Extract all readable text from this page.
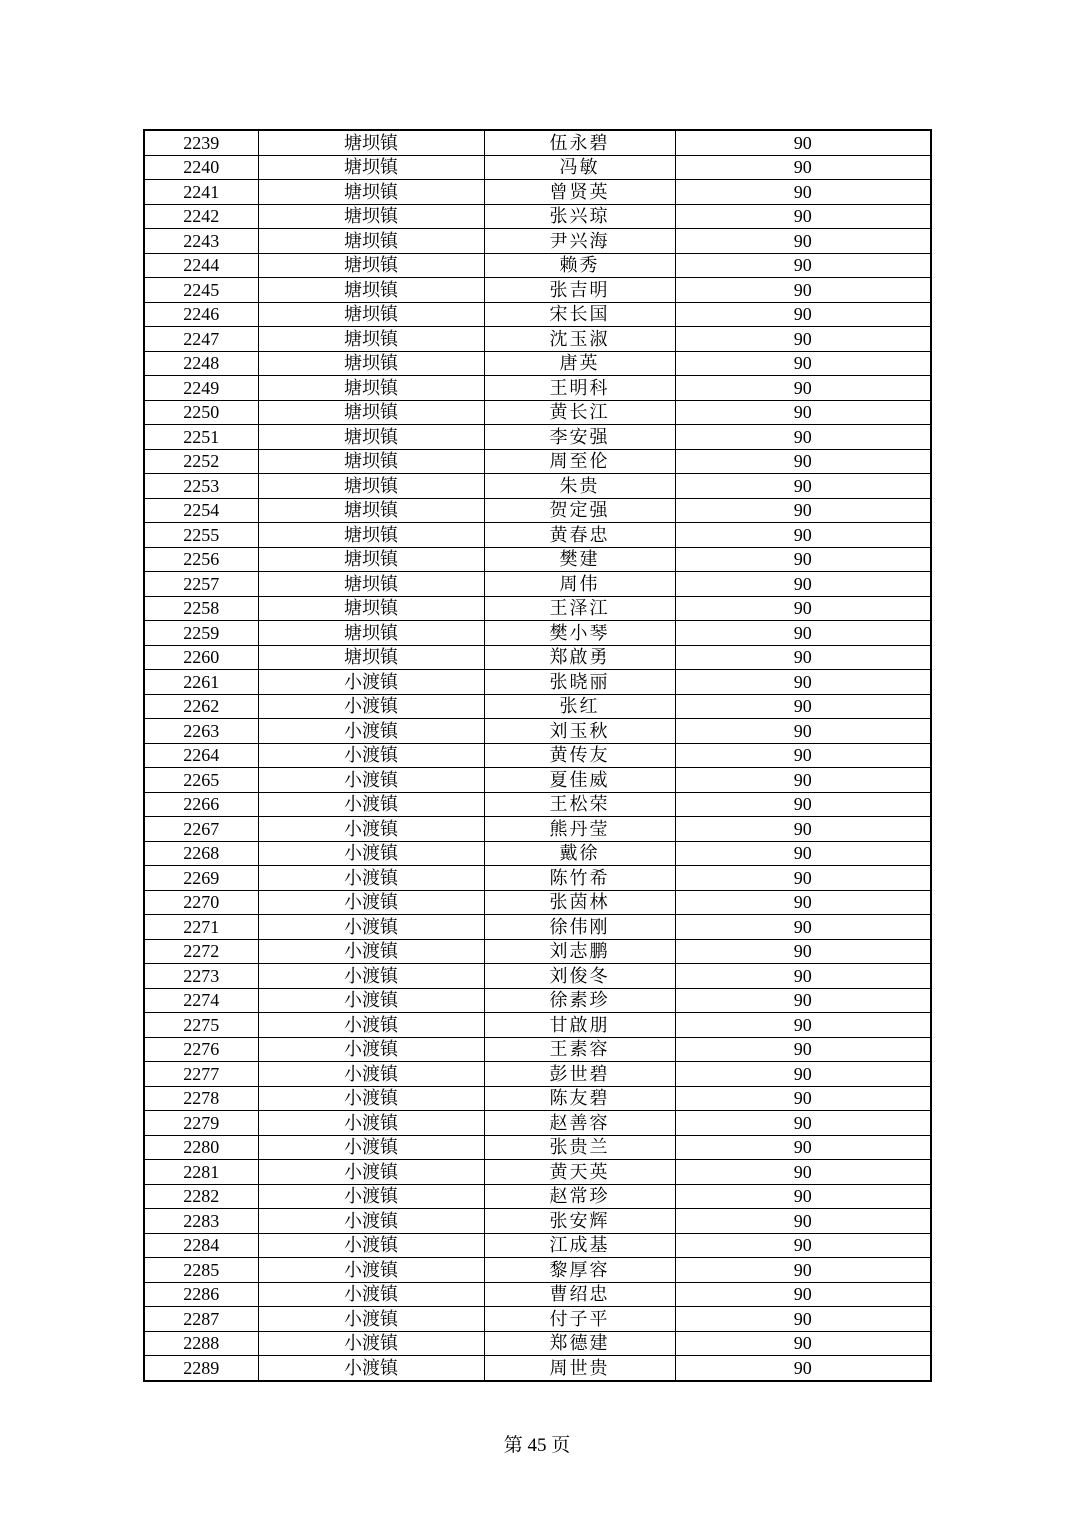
2239	塘坝镇	伍永碧	90
2240	塘坝镇	冯敏	90
2241	塘坝镇	曾贤英	90
2242	塘坝镇	张兴琼	90
2243	塘坝镇	尹兴海	90
2244	塘坝镇	赖秀	90
2245	塘坝镇	张吉明	90
2246	塘坝镇	宋长国	90
2247	塘坝镇	沈玉淑	90
2248	塘坝镇	唐英	90
2249	塘坝镇	王明科	90
2250	塘坝镇	黄长江	90
2251	塘坝镇	李安强	90
2252	塘坝镇	周至伦	90
2253	塘坝镇	朱贵	90
2254	塘坝镇	贺定强	90
2255	塘坝镇	黄春忠	90
2256	塘坝镇	樊建	90
2257	塘坝镇	周伟	90
2258	塘坝镇	王泽江	90
2259	塘坝镇	樊小琴	90
2260	塘坝镇	郑啟勇	90
2261	小渡镇	张晓丽	90
2262	小渡镇	张红	90
2263	小渡镇	刘玉秋	90
2264	小渡镇	黄传友	90
2265	小渡镇	夏佳威	90
2266	小渡镇	王松荣	90
2267	小渡镇	熊丹莹	90
2268	小渡镇	戴徐	90
2269	小渡镇	陈竹希	90
2270	小渡镇	张茵林	90
2271	小渡镇	徐伟刚	90
2272	小渡镇	刘志鹏	90
2273	小渡镇	刘俊冬	90
2274	小渡镇	徐素珍	90
2275	小渡镇	甘啟朋	90
2276	小渡镇	王素容	90
2277	小渡镇	彭世碧	90
2278	小渡镇	陈友碧	90
2279	小渡镇	赵善容	90
2280	小渡镇	张贵兰	90
2281	小渡镇	黄天英	90
2282	小渡镇	赵常珍	90
2283	小渡镇	张安辉	90
2284	小渡镇	江成基	90
2285	小渡镇	黎厚容	90
2286	小渡镇	曹绍忠	90
2287	小渡镇	付子平	90
2288	小渡镇	郑德建	90
2289	小渡镇	周世贵	90
第 45 页
